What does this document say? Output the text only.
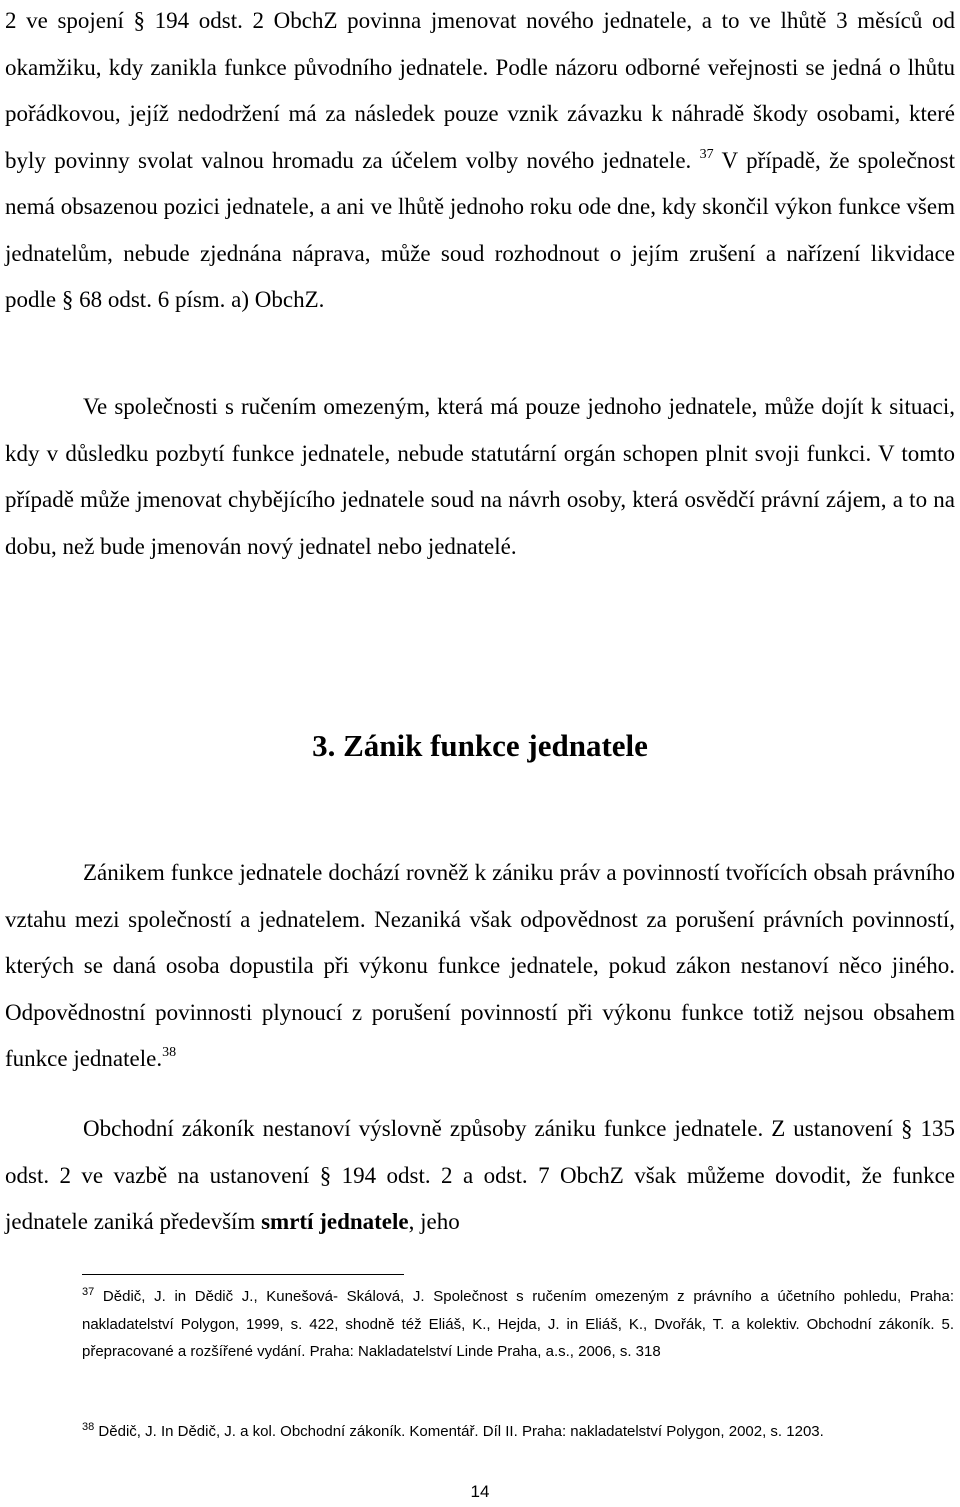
2 ve spojení § 194 odst. 2 ObchZ povinna jmenovat nového jednatele, a to ve lhůtě 3 měsíců od okamžiku, kdy zanikla funkce původního jednatele. Podle názoru odborné veřejnosti se jedná o lhůtu pořádkovou, jejíž nedodržení má za následek pouze vznik závazku k náhradě škody osobami, které byly povinny svolat valnou hromadu za účelem volby nového jednatele. $^{37}$ V případě, že společnost nemá obsazenou pozici jednatele, a ani ve lhůtě jednoho roku ode dne, kdy skončil výkon funkce všem jednatelům, nebude zjednána náprava, může soud rozhodnout o jejím zrušení a nařízení likvidace podle § 68 odst. 6 písm. a) ObchZ.

Ve společnosti s ručením omezeným, která má pouze jednoho jednatele, může dojít k situaci, kdy v důsledku pozbytí funkce jednatele, nebude statutární orgán schopen plnit svoji funkci. V tomto případě může jmenovat chybějícího jednatele soud na návrh osoby, která osvědčí právní zájem, a to na dobu, než bude jmenován nový jednatel nebo jednatelé.

3. Zánik funkce jednatele

Zánikem funkce jednatele dochází rovněž k zániku práv a povinností tvořících obsah právního vztahu mezi společností a jednatelem. Nezaniká však odpovědnost za porušení právních povinností, kterých se daná osoba dopustila při výkonu funkce jednatele, pokud zákon nestanoví něco jiného. Odpovědnostní povinnosti plynoucí z porušení povinností při výkonu funkce totiž nejsou obsahem funkce jednatele.$^{38}$

Obchodní zákoník nestanoví výslovně způsoby zániku funkce jednatele. Z ustanovení § 135 odst. 2 ve vazbě na ustanovení § 194 odst. 2 a odst. 7 ObchZ však můžeme dovodit, že funkce jednatele zaniká především smrtí jednatele, jeho

$^{37}$ Dědič, J. in Dědič J., Kunešová- Skálová, J. Společnost s ručením omezeným z právního a účetního pohledu, Praha: nakladatelství Polygon, 1999, s. 422, shodně též Eliáš, K., Hejda, J. in Eliáš, K., Dvořák, T. a kolektiv. Obchodní zákoník. 5. přepracované a rozšířené vydání. Praha: Nakladatelství Linde Praha, a.s., 2006, s. 318

$^{38}$ Dědič, J. In Dědič, J. a kol. Obchodní zákoník. Komentář. Díl II. Praha: nakladatelství Polygon, 2002, s. 1203.

14
